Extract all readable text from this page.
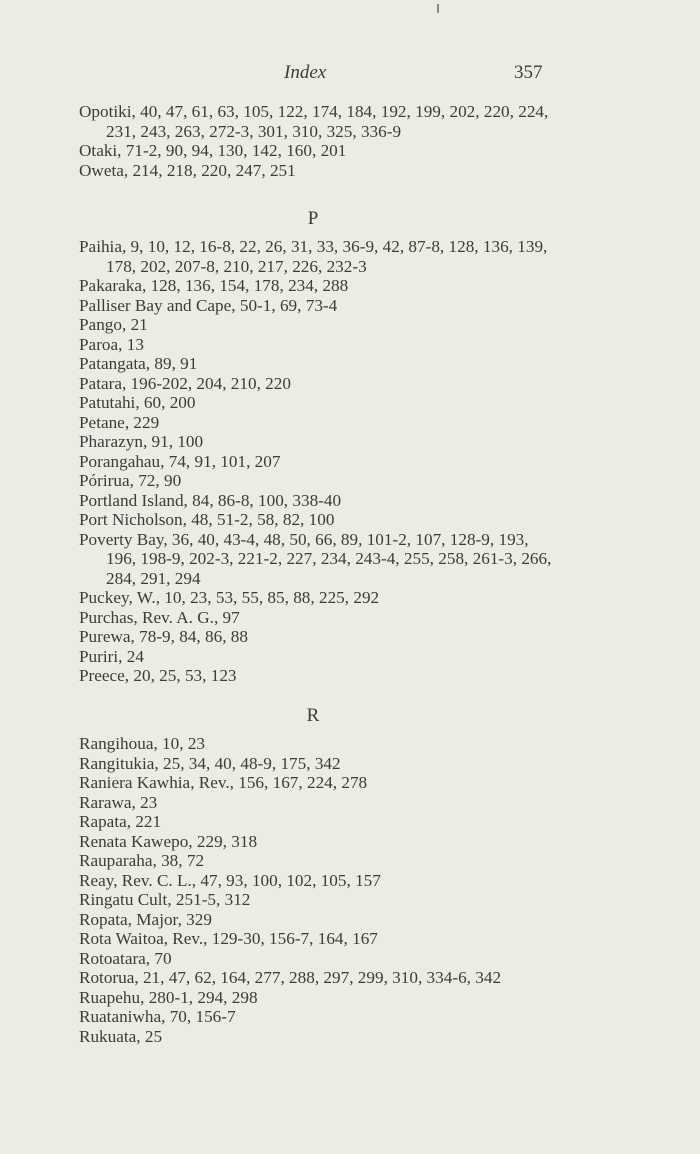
Index	357
Opotiki, 40, 47, 61, 63, 105, 122, 174, 184, 192, 199, 202, 220, 224, 231, 243, 263, 272-3, 301, 310, 325, 336-9
Otaki, 71-2, 90, 94, 130, 142, 160, 201
Oweta, 214, 218, 220, 247, 251
P
Paihia, 9, 10, 12, 16-8, 22, 26, 31, 33, 36-9, 42, 87-8, 128, 136, 139, 178, 202, 207-8, 210, 217, 226, 232-3
Pakaraka, 128, 136, 154, 178, 234, 288
Palliser Bay and Cape, 50-1, 69, 73-4
Pango, 21
Paroa, 13
Patangata, 89, 91
Patara, 196-202, 204, 210, 220
Patutahi, 60, 200
Petane, 229
Pharazyn, 91, 100
Porangahau, 74, 91, 101, 207
Pórirua, 72, 90
Portland Island, 84, 86-8, 100, 338-40
Port Nicholson, 48, 51-2, 58, 82, 100
Poverty Bay, 36, 40, 43-4, 48, 50, 66, 89, 101-2, 107, 128-9, 193, 196, 198-9, 202-3, 221-2, 227, 234, 243-4, 255, 258, 261-3, 266, 284, 291, 294
Puckey, W., 10, 23, 53, 55, 85, 88, 225, 292
Purchas, Rev. A. G., 97
Purewa, 78-9, 84, 86, 88
Puriri, 24
Preece, 20, 25, 53, 123
R
Rangihoua, 10, 23
Rangitukia, 25, 34, 40, 48-9, 175, 342
Raniera Kawhia, Rev., 156, 167, 224, 278
Rarawa, 23
Rapata, 221
Renata Kawepo, 229, 318
Rauparaha, 38, 72
Reay, Rev. C. L., 47, 93, 100, 102, 105, 157
Ringatu Cult, 251-5, 312
Ropata, Major, 329
Rota Waitoa, Rev., 129-30, 156-7, 164, 167
Rotoatara, 70
Rotorua, 21, 47, 62, 164, 277, 288, 297, 299, 310, 334-6, 342
Ruapehu, 280-1, 294, 298
Ruataniwha, 70, 156-7
Rukuata, 25
